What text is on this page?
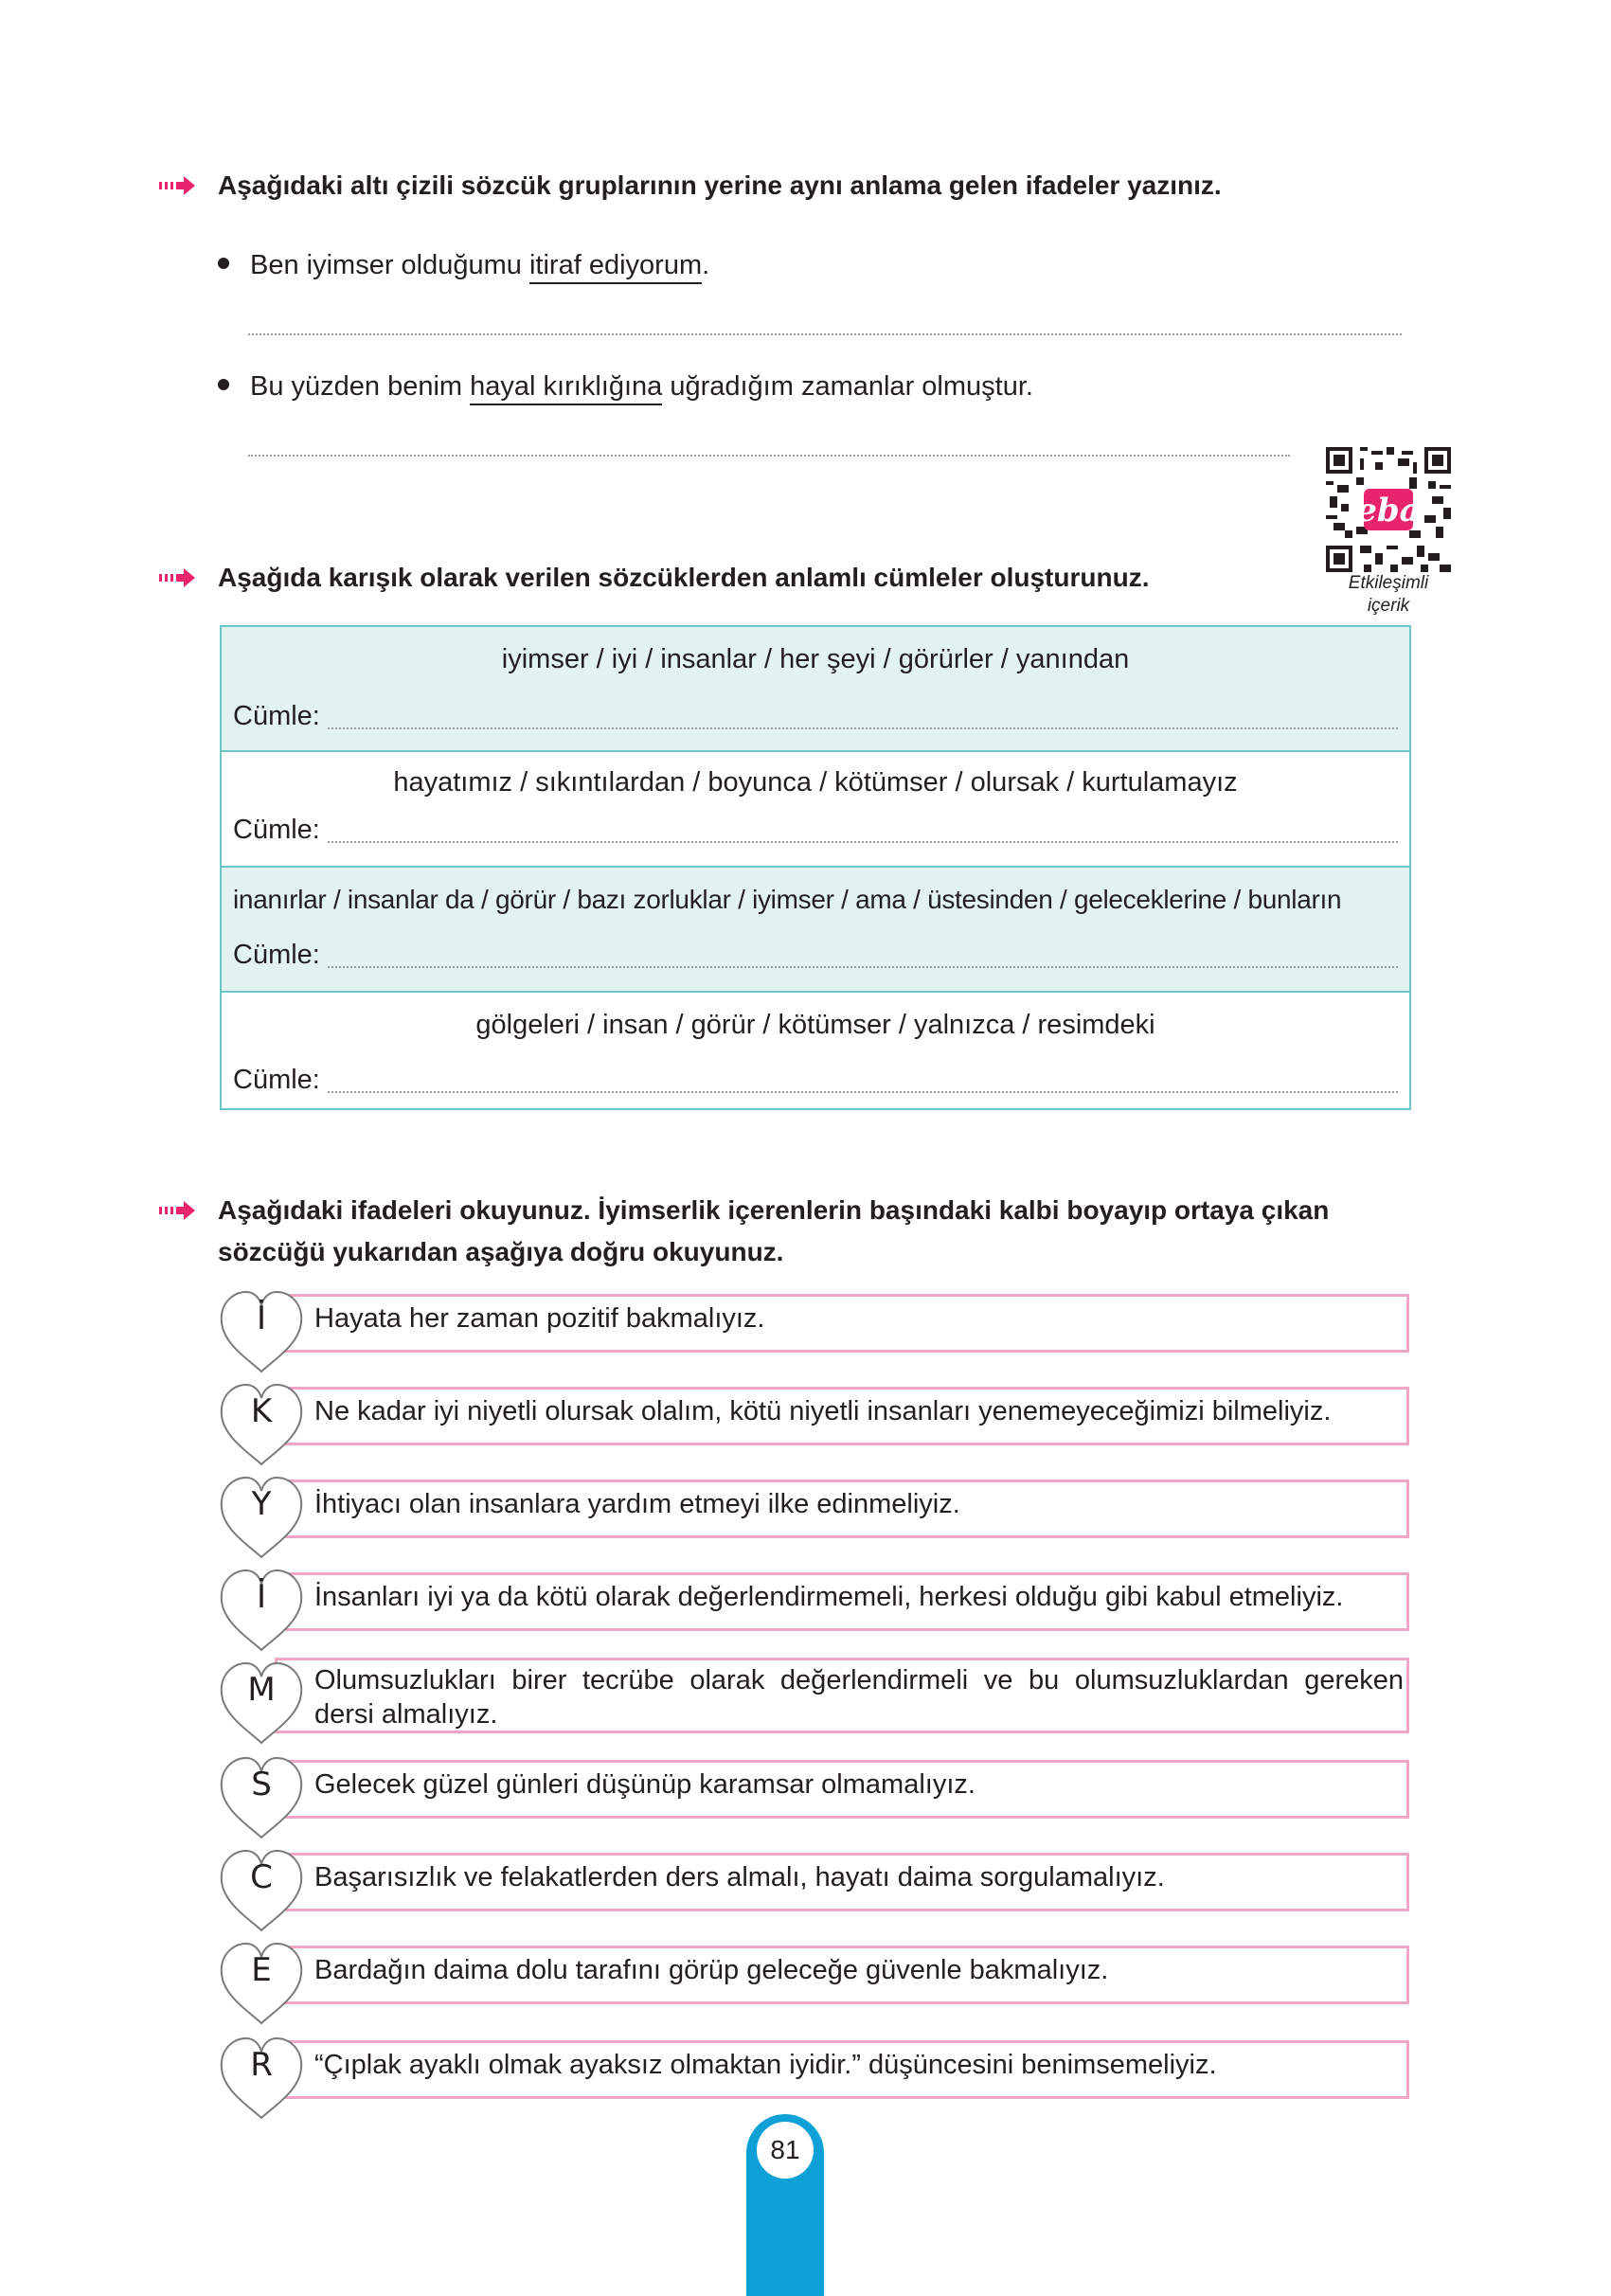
Aşağıdaki altı çizili sözcük gruplarının yerine aynı anlama gelen ifadeler yazınız.
Ben iyimser olduğumu itiraf ediyorum.
Bu yüzden benim hayal kırıklığına uğradığım zamanlar olmuştur.
eba
Etkileşimli
içerik
Aşağıda karışık olarak verilen sözcüklerden anlamlı cümleler oluşturunuz.
iyimser / iyi / insanlar / her şeyi / görürler / yanından
Cümle:
hayatımız / sıkıntılardan / boyunca / kötümser / olursak / kurtulamayız
Cümle:
inanırlar / insanlar da / görür / bazı zorluklar / iyimser / ama / üstesinden / geleceklerine / bunların
Cümle:
gölgeleri / insan / görür / kötümser / yalnızca / resimdeki
Cümle:
Aşağıdaki ifadeleri okuyunuz. İyimserlik içerenlerin başındaki kalbi boyayıp ortaya çıkan
sözcüğü yukarıdan aşağıya doğru okuyunuz.
İ	Hayata her zaman pozitif bakmalıyız.
K	Ne kadar iyi niyetli olursak olalım, kötü niyetli insanları yenemeyeceğimizi bilmeliyiz.
Y	İhtiyacı olan insanlara yardım etmeyi ilke edinmeliyiz.
İ	İnsanları iyi ya da kötü olarak değerlendirmemeli, herkesi olduğu gibi kabul etmeliyiz.
M	Olumsuzlukları birer tecrübe olarak değerlendirmeli ve bu olumsuzluklardan gereken dersi almalıyız.
S	Gelecek güzel günleri düşünüp karamsar olmamalıyız.
C	Başarısızlık ve felakatlerden ders almalı, hayatı daima sorgulamalıyız.
E	Bardağın daima dolu tarafını görüp geleceğe güvenle bakmalıyız.
R	“Çıplak ayaklı olmak ayaksız olmaktan iyidir.” düşüncesini benimsemeliyiz.
81
